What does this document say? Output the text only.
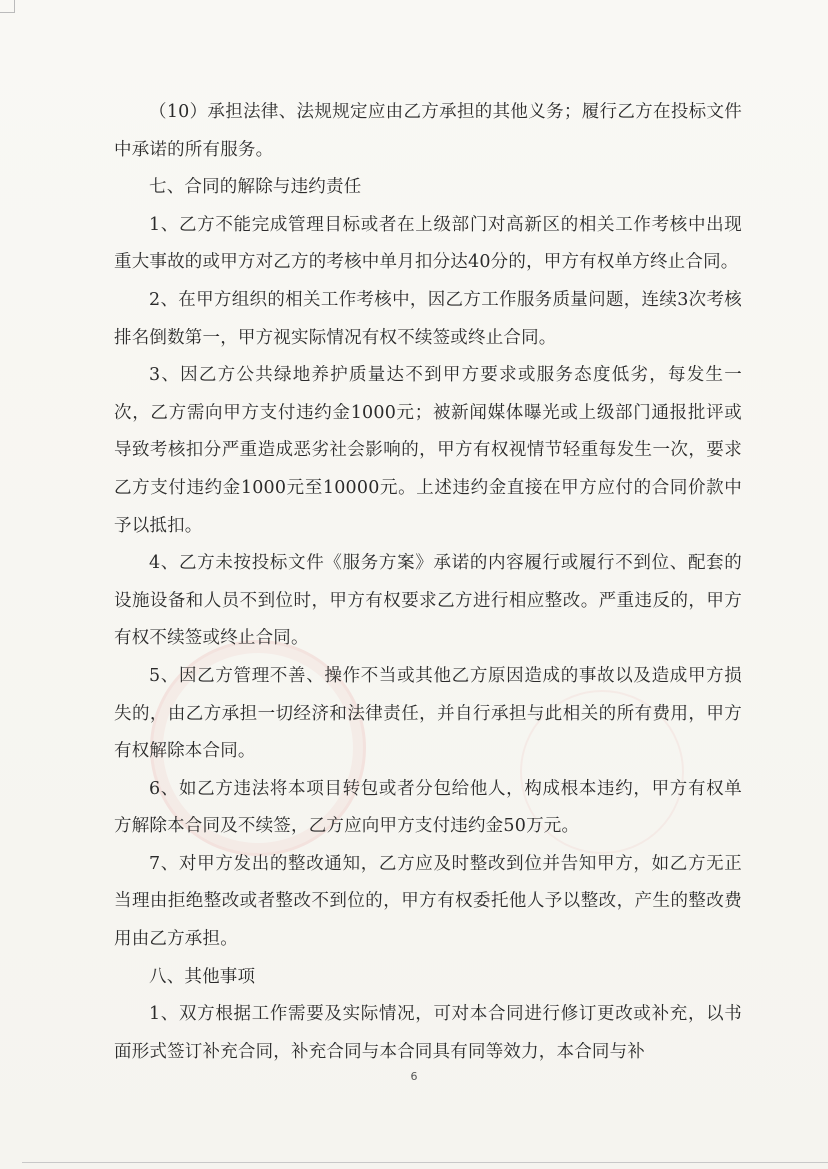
（10）承担法律、法规规定应由乙方承担的其他义务；履行乙方在投标文件中承诺的所有服务。

七、合同的解除与违约责任

1、乙方不能完成管理目标或者在上级部门对高新区的相关工作考核中出现重大事故的或甲方对乙方的考核中单月扣分达40分的，甲方有权单方终止合同。

2、在甲方组织的相关工作考核中，因乙方工作服务质量问题，连续3次考核排名倒数第一，甲方视实际情况有权不续签或终止合同。

3、因乙方公共绿地养护质量达不到甲方要求或服务态度低劣，每发生一次，乙方需向甲方支付违约金1000元；被新闻媒体曝光或上级部门通报批评或导致考核扣分严重造成恶劣社会影响的，甲方有权视情节轻重每发生一次，要求乙方支付违约金1000元至10000元。上述违约金直接在甲方应付的合同价款中予以抵扣。

4、乙方未按投标文件《服务方案》承诺的内容履行或履行不到位、配套的设施设备和人员不到位时，甲方有权要求乙方进行相应整改。严重违反的，甲方有权不续签或终止合同。

5、因乙方管理不善、操作不当或其他乙方原因造成的事故以及造成甲方损失的，由乙方承担一切经济和法律责任，并自行承担与此相关的所有费用，甲方有权解除本合同。

6、如乙方违法将本项目转包或者分包给他人，构成根本违约，甲方有权单方解除本合同及不续签，乙方应向甲方支付违约金50万元。

7、对甲方发出的整改通知，乙方应及时整改到位并告知甲方，如乙方无正当理由拒绝整改或者整改不到位的，甲方有权委托他人予以整改，产生的整改费用由乙方承担。

八、其他事项

1、双方根据工作需要及实际情况，可对本合同进行修订更改或补充，以书面形式签订补充合同，补充合同与本合同具有同等效力，本合同与补

6
